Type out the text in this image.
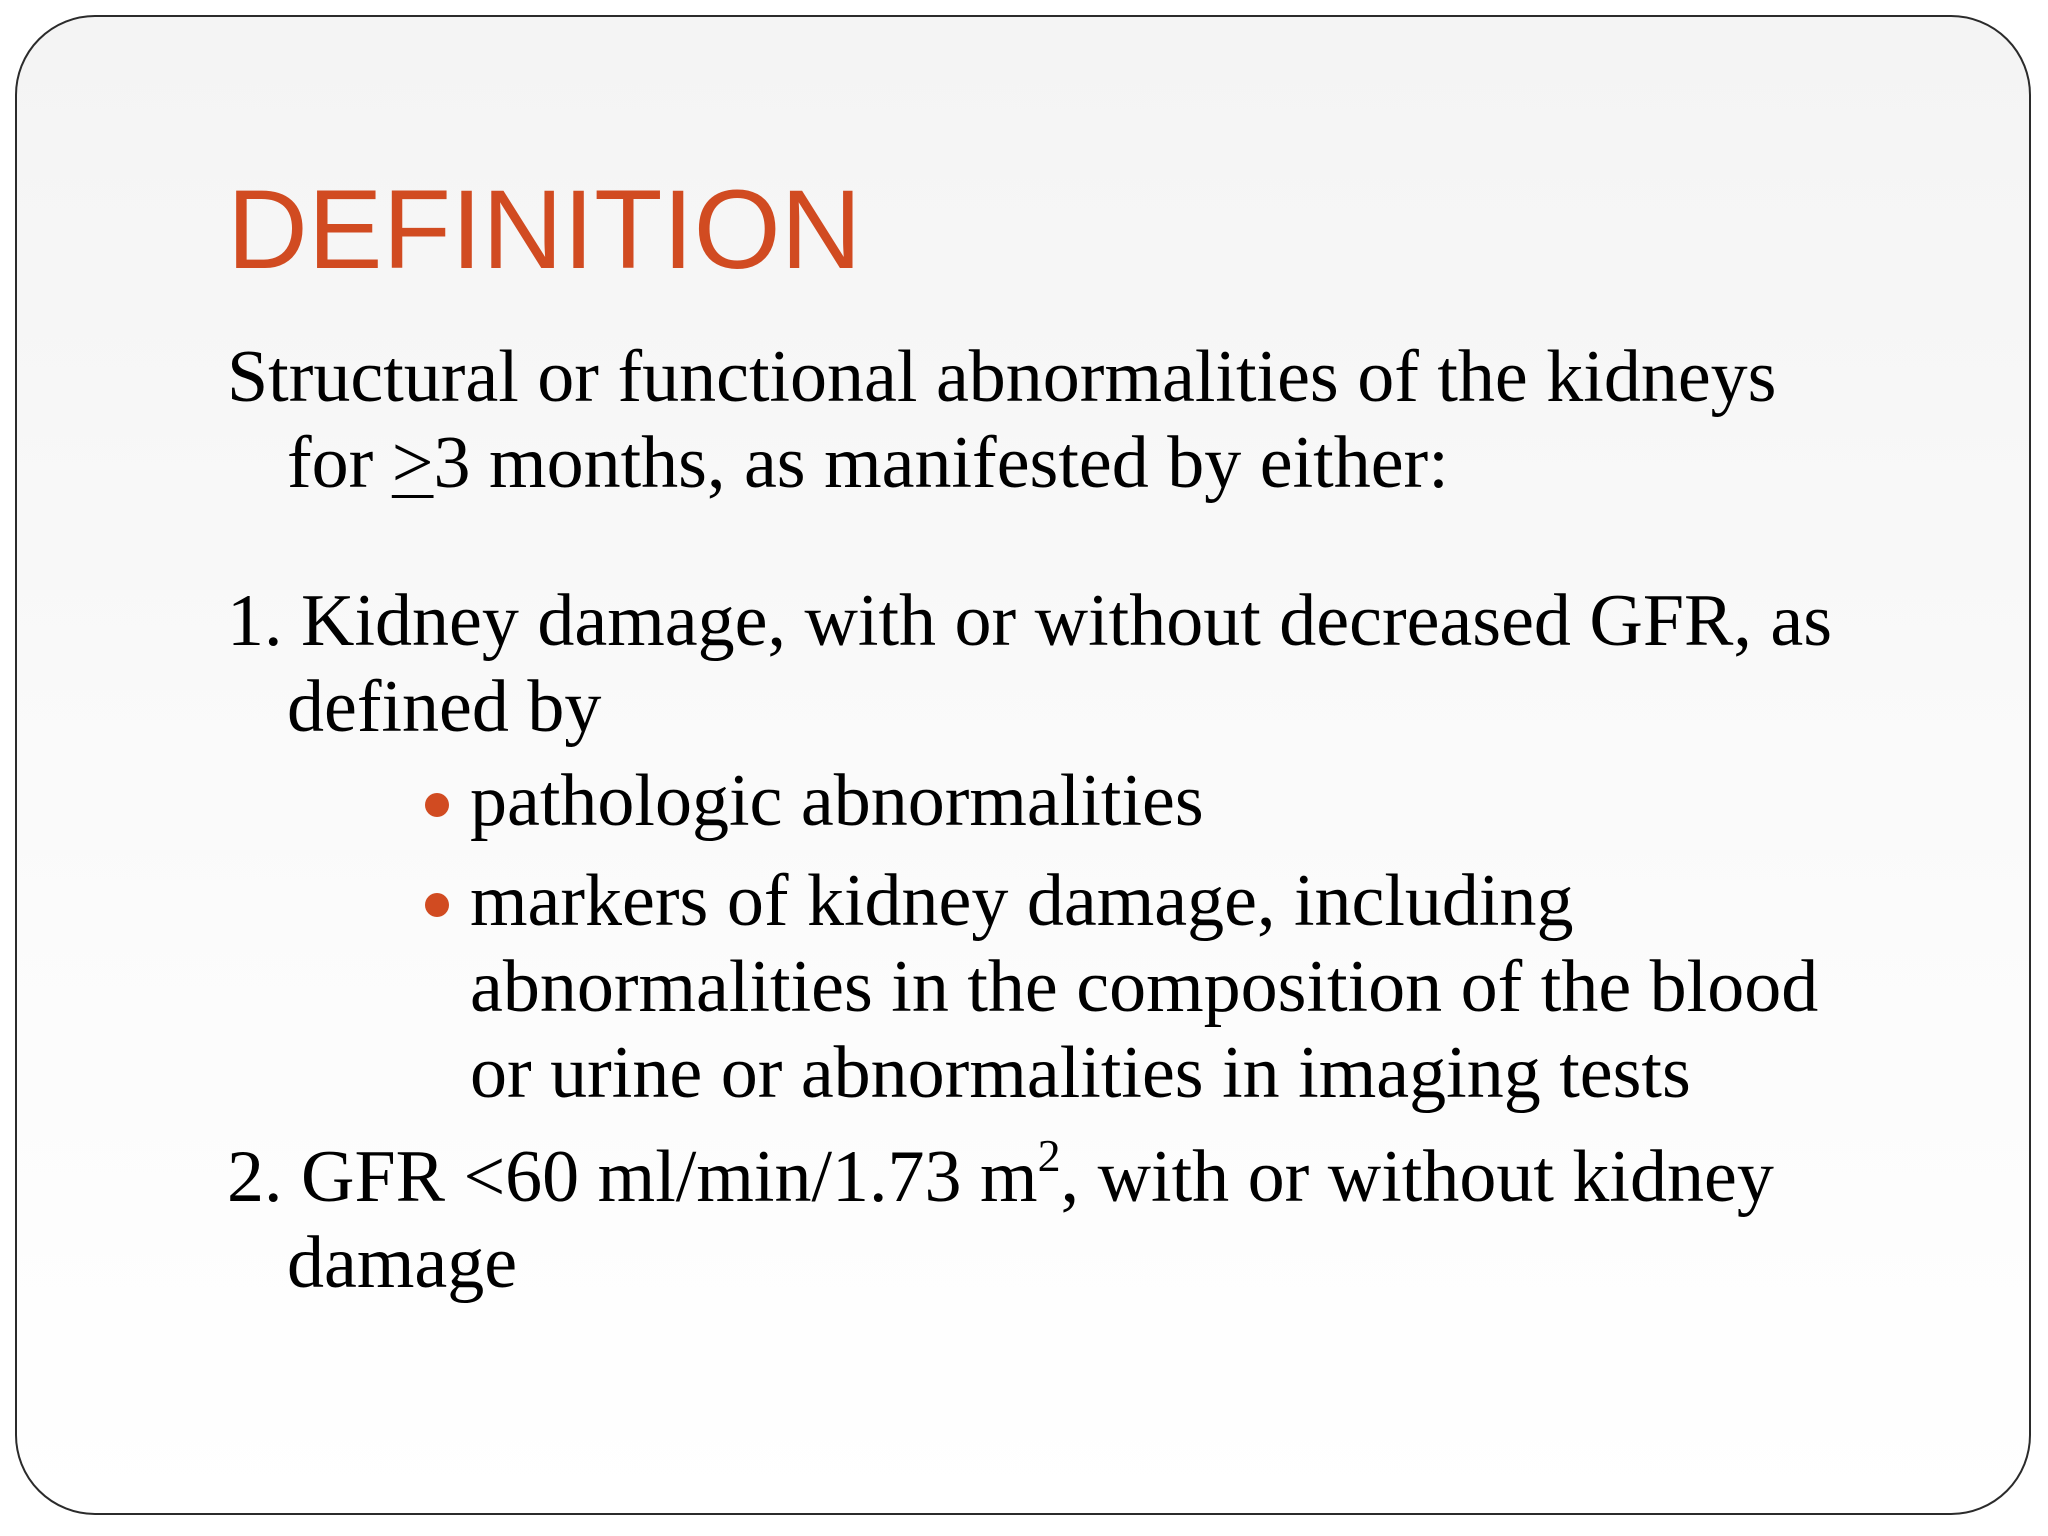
DEFINITION
Structural or functional abnormalities of the kidneys
for ≥3 months, as manifested by either:
1. Kidney damage, with or without decreased GFR, as
defined by
pathologic abnormalities
markers of kidney damage, including
abnormalities in the composition of the blood
or urine or abnormalities in imaging tests
2. GFR <60 ml/min/1.73 $m^2$, with or without kidney
damage
